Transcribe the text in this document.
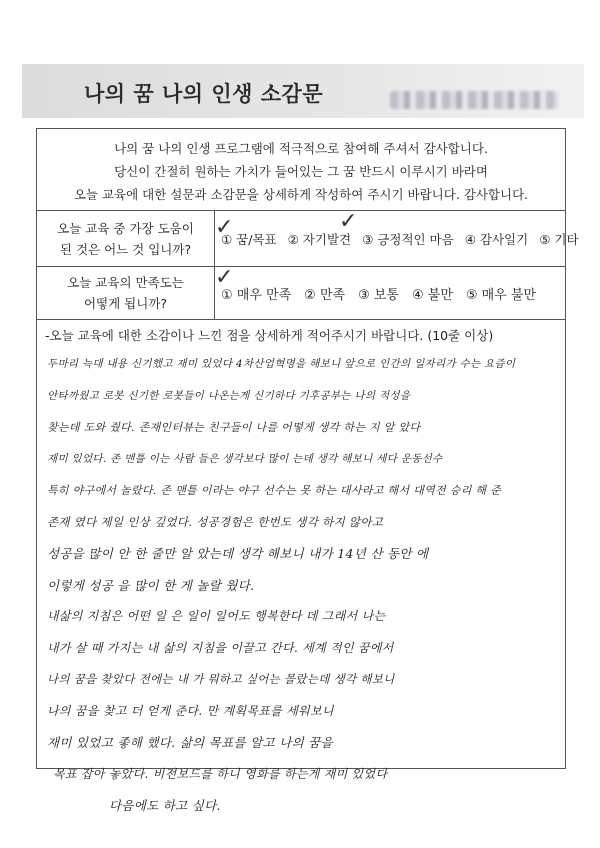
나의 꿈 나의 인생 소감문
나의 꿈 나의 인생 프로그램에 적극적으로 참여해 주셔서 감사합니다.
당신이 간절히 원하는 가치가 들어있는 그 꿈 반드시 이루시기 바라며
오늘 교육에 대한 설문과 소감문을 상세하게 작성하여 주시기 바랍니다. 감사합니다.
오늘 교육 중 가장 도움이
된 것은 어느 것 입니까?
① 꿈/목표 ② 자기발견 ③ 긍정적인 마음 ④ 감사일기 ⑤ 기타
✓	✓
오늘 교육의 만족도는
어떻게 됩니까?
① 매우 만족 ② 만족 ③ 보통 ④ 불만 ⑤ 매우 불만
✓
-오늘 교육에 대한 소감이나 느낀 점을 상세하게 적어주시기 바랍니다. (10줄 이상)
두마리 늑대 내용 신기했고 재미 있었다 4차산업혁명을 해보니 앞으로 인간의 일자리가 수는 요즘이
안타까웠고 로봇 신기한 로봇들이 나온는게 신기하다 기후공부는 나의 적성을
찾는데 도와 줬다. 존재인터뷰는 친구들이 나를 어떻게 생각 하는 지 알 았다
재미 있었다. 존 맨틀 이는 사람 들은 생각보다 많이 는데 생각 해보니 세다 운동선수
특히 야구에서 놀랐다. 존 맨틀 이라는 야구 선수는 못 하는 대사라고 해서 대역전 승리 해 준
존재 였다 제일 인상 깊었다. 성공경험은 한번도 생각 하지 않아고
성공을 많이 안 한 줄만 알 았는데 생각 해보니 내가 14년 산 동안 에
이렇게 성공 을 많이 한 게 놀랄 웠다.
내삶의 지침은 어떤 일 은 일이 일어도 행복한다 데 그래서 나는
내가 살 때 가지는 내 삶의 지침을 이끌고 간다. 세계 적인 꿈에서
나의 꿈을 찾았다 전에는 내 가 뭐하고 싶어는 몰랐는데 생각 해보니
나의 꿈을 찾고 더 얻게 준다. 만 계획목표를 세워보니
재미 있었고 좋해 했다. 삶의 목표를 알고 나의 꿈을
목표 잡아 놓았다. 비전보드를 하니 영화를 하는게 재미 있었다
다음에도 하고 싶다.
